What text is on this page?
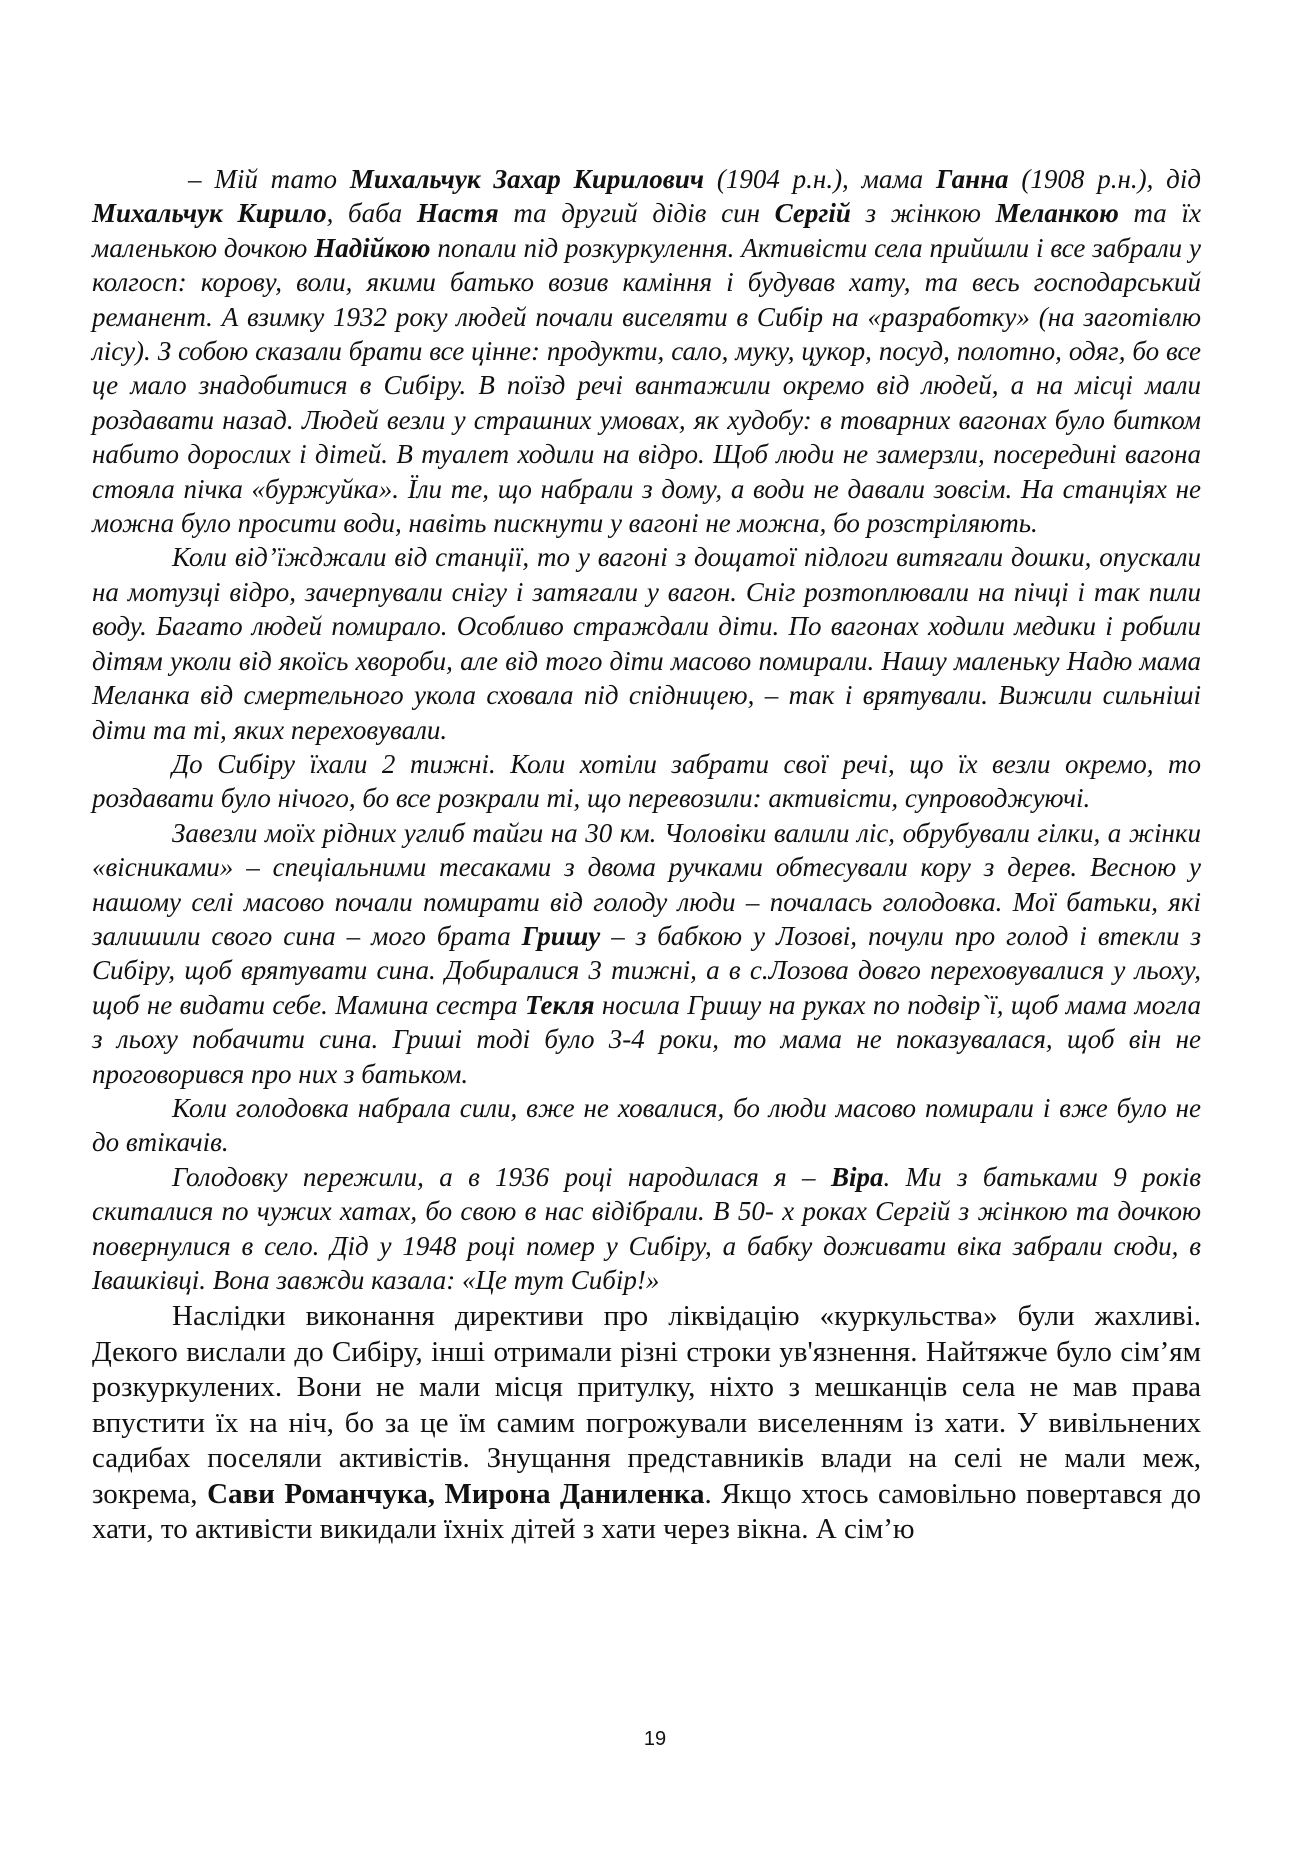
– Мій тато Михальчук Захар Кирилович (1904 р.н.), мама Ганна (1908 р.н.), дід Михальчук Кирило, баба Настя та другий дідів син Сергій з жінкою Меланкою та їх маленькою дочкою Надійкою попали під розкуркулення. Активісти села прийшли і все забрали у колгосп: корову, воли, якими батько возив каміння і будував хату, та весь господарський реманент. А взимку 1932 року людей почали виселяти в Сибір на «разработку» (на заготівлю лісу). З собою сказали брати все цінне: продукти, сало, муку, цукор, посуд, полотно, одяг, бо все це мало знадобитися в Сибіру. В поїзд речі вантажили окремо від людей, а на місці мали роздавати назад. Людей везли у страшних умовах, як худобу: в товарних вагонах було битком набито дорослих і дітей. В туалет ходили на відро. Щоб люди не замерзли, посередині вагона стояла пічка «буржуйка». Їли те, що набрали з дому, а води не давали зовсім. На станціях не можна було просити води, навіть пискнути у вагоні не можна, бо розстріляють.

Коли від’їжджали від станції, то у вагоні з дощатої підлоги витягали дошки, опускали на мотузці відро, зачерпували снігу і затягали у вагон. Сніг розтоплювали на пічці і так пили воду. Багато людей помирало. Особливо страждали діти. По вагонах ходили медики і робили дітям уколи від якоїсь хвороби, але від того діти масово помирали. Нашу маленьку Надю мама Меланка від смертельного укола сховала під спідницею, – так і врятували. Вижили сильніші діти та ті, яких переховували.

До Сибіру їхали 2 тижні. Коли хотіли забрати свої речі, що їх везли окремо, то роздавати було нічого, бо все розкрали ті, що перевозили: активісти, супроводжуючі.

Завезли моїх рідних углиб тайги на 30 км. Чоловіки валили ліс, обрубували гілки, а жінки «вісниками» – спеціальними тесаками з двома ручками обтесували кору з дерев. Весною у нашому селі масово почали помирати від голоду люди – почалась голодовка. Мої батьки, які залишили свого сина – мого брата Гришу – з бабкою у Лозові, почули про голод і втекли з Сибіру, щоб врятувати сина. Добиралися 3 тижні, а в с.Лозова довго переховувалися у льоху, щоб не видати себе. Мамина сестра Текля носила Гришу на руках по подвір`ї, щоб мама могла з льоху побачити сина. Гриші тоді було 3-4 роки, то мама не показувалася, щоб він не проговорився про них з батьком.

Коли голодовка набрала сили, вже не ховалися, бо люди масово помирали і вже було не до втікачів.

Голодовку пережили, а в 1936 році народилася я – Віра. Ми з батьками 9 років скиталися по чужих хатах, бо свою в нас відібрали. В 50- х роках Сергій з жінкою та дочкою повернулися в село. Дід у 1948 році помер у Сибіру, а бабку доживати віка забрали сюди, в Івашківці. Вона завжди казала: «Це тут Сибір!»

Наслідки виконання директиви про ліквідацію «куркульства» були жахливі. Декого вислали до Сибіру, інші отримали різні строки ув'язнення. Найтяжче було сім’ям розкуркулених. Вони не мали місця притулку, ніхто з мешканців села не мав права впустити їх на ніч, бо за це їм самим погрожували виселенням із хати. У вивільнених садибах поселяли активістів. Знущання представників влади на селі не мали меж, зокрема, Сави Романчука, Мирона Даниленка. Якщо хтось самовільно повертався до хати, то активісти викидали їхніх дітей з хати через вікна. А сім’ю

19
